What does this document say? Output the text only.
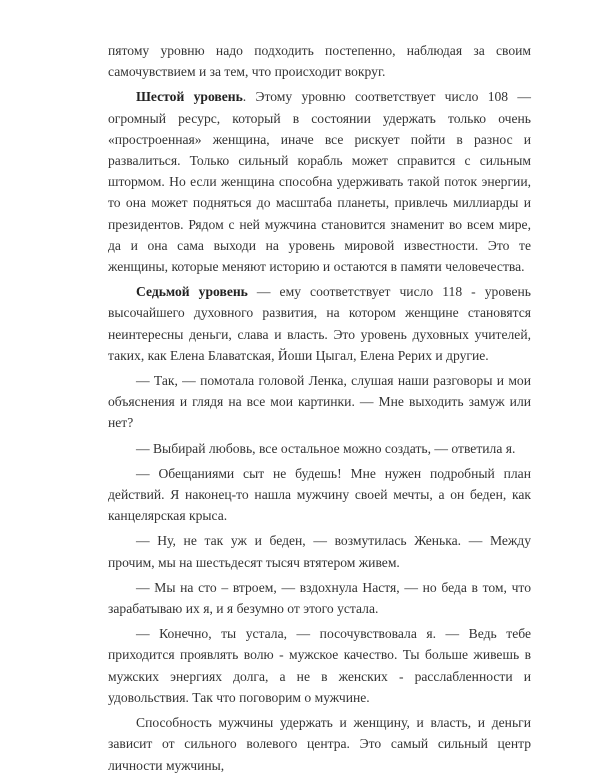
пятому уровню надо подходить постепенно, наблюдая за своим самочувствием и за тем, что происходит вокруг.

Шестой уровень. Этому уровню соответствует число 108 — огромный ресурс, который в состоянии удержать только очень «простроенная» женщина, иначе все рискует пойти в разнос и развалиться. Только сильный корабль может справится с сильным штормом. Но если женщина способна удерживать такой поток энергии, то она может подняться до масштаба планеты, привлечь миллиарды и президентов. Рядом с ней мужчина становится знаменит во всем мире, да и она сама выходи на уровень мировой известности. Это те женщины, которые меняют историю и остаются в памяти человечества.

Седьмой уровень — ему соответствует число 118 - уровень высочайшего духовного развития, на котором женщине становятся неинтересны деньги, слава и власть. Это уровень духовных учителей, таких, как Елена Блаватская, Йоши Цыгал, Елена Рерих и другие.

— Так, — помотала головой Ленка, слушая наши разговоры и мои объяснения и глядя на все мои картинки. — Мне выходить замуж или нет?

— Выбирай любовь, все остальное можно создать, — ответила я.

— Обещаниями сыт не будешь! Мне нужен подробный план действий. Я наконец-то нашла мужчину своей мечты, а он беден, как канцелярская крыса.

— Ну, не так уж и беден, — возмутилась Женька. — Между прочим, мы на шестьдесят тысяч втятером живем.

— Мы на сто – втроем, — вздохнула Настя, — но беда в том, что зарабатываю их я, и я безумно от этого устала.

— Конечно, ты устала, — посочувствовала я. — Ведь тебе приходится проявлять волю - мужское качество. Ты больше живешь в мужских энергиях долга, а не в женских - расслабленности и удовольствия. Так что поговорим о мужчине.

Способность мужчины удержать и женщину, и власть, и деньги зависит от сильного волевого центра. Это самый сильный центр личности мужчины,
